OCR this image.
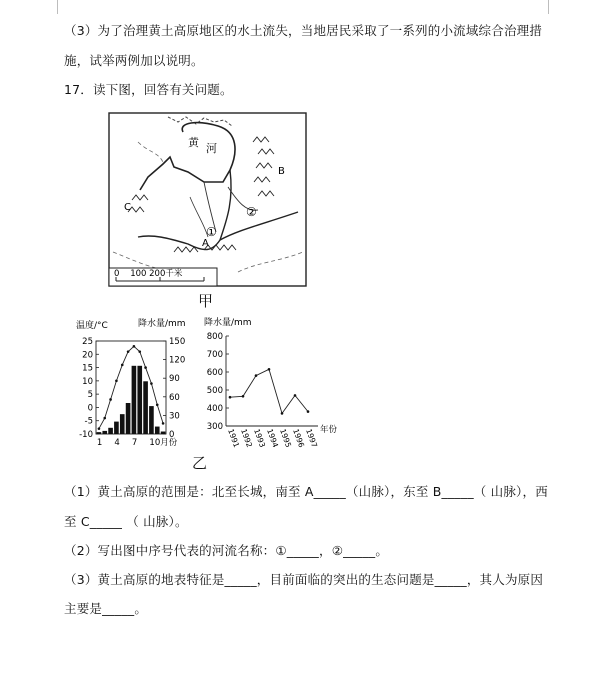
（3）为了治理黄土高原地区的水土流失，当地居民采取了一系列的小流域综合治理措
施，试举两例加以说明。
17．读下图，回答有关问题。
黄 河
B
C
①
②
A
0    100 200千米
甲
温度/°C	降水量/mm
25
20
15
10
5
0
-5
-10
150
120
90
60
30
0
1 4 7 10月份
降水量/mm
800
700
600
500
400
300
1991
1992
1993
1994
1995
1996
1997 年份
乙
（1）黄土高原的范围是：北至长城，南至 A_____（山脉），东至 B_____（ 山脉），西
至 C_____ （ 山脉）。
（2）写出图中序号代表的河流名称：①_____，②_____。
（3）黄土高原的地表特征是_____，目前面临的突出的生态问题是_____，其人为原因
主要是_____。
